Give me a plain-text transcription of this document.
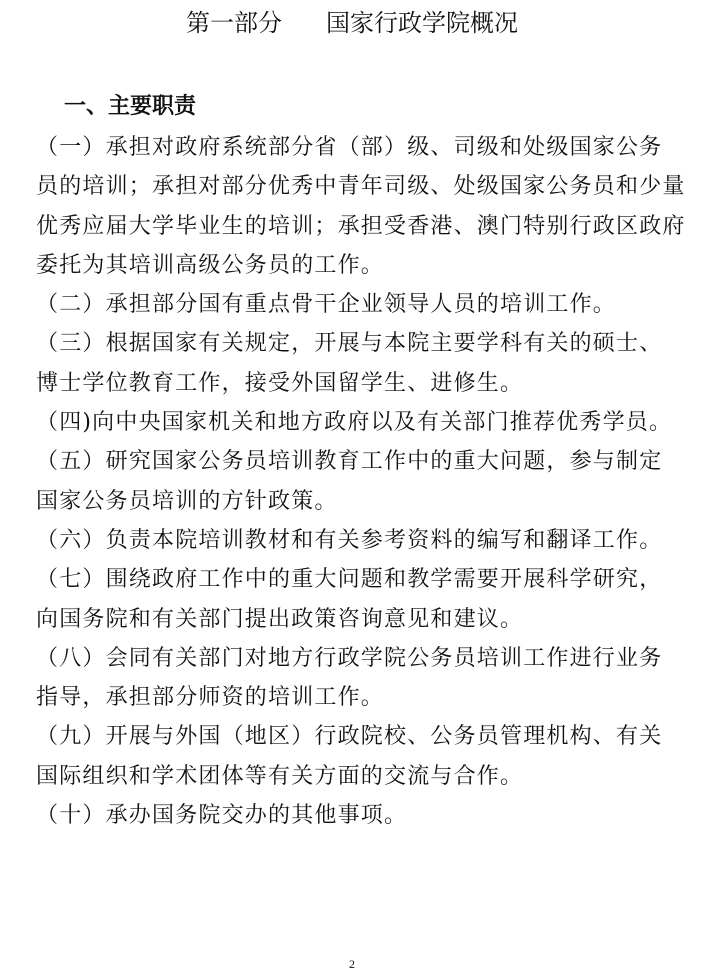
第一部分 国家行政学院概况
一、主要职责

（一）承担对政府系统部分省（部）级、司级和处级国家公务
员的培训；承担对部分优秀中青年司级、处级国家公务员和少量
优秀应届大学毕业生的培训；承担受香港、澳门特别行政区政府
委托为其培训高级公务员的工作。

（二）承担部分国有重点骨干企业领导人员的培训工作。

（三）根据国家有关规定，开展与本院主要学科有关的硕士、
博士学位教育工作，接受外国留学生、进修生。

（四)向中央国家机关和地方政府以及有关部门推荐优秀学员。

（五）研究国家公务员培训教育工作中的重大问题，参与制定
国家公务员培训的方针政策。

（六）负责本院培训教材和有关参考资料的编写和翻译工作。

（七）围绕政府工作中的重大问题和教学需要开展科学研究，
向国务院和有关部门提出政策咨询意见和建议。

（八）会同有关部门对地方行政学院公务员培训工作进行业务
指导，承担部分师资的培训工作。

（九）开展与外国（地区）行政院校、公务员管理机构、有关
国际组织和学术团体等有关方面的交流与合作。

（十）承办国务院交办的其他事项。

2
